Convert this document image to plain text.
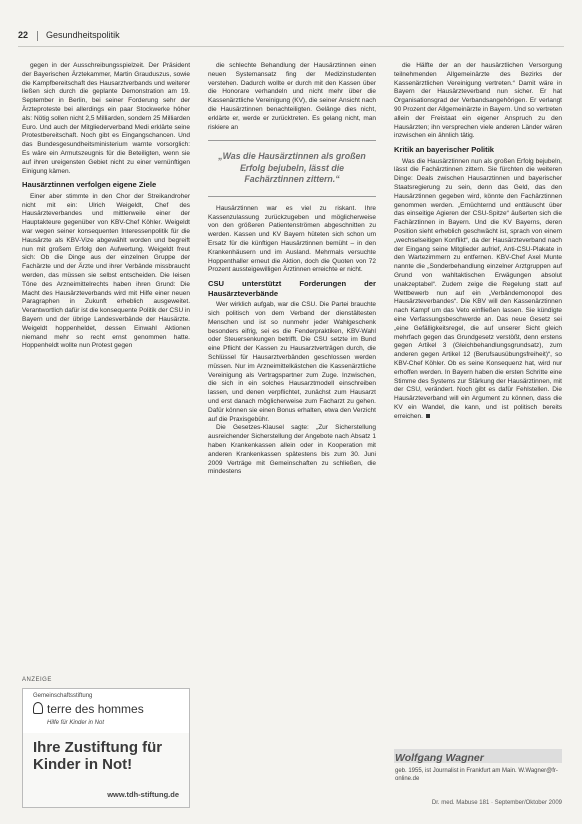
22 Gesundheitspolitik

gegen in der Ausschreibungsspielzeit. Der Präsident der Bayerischen Ärztekammer, Martin Grauduszus, sowie die Kampfbereitschaft des Hausarztverbands und weiterer ließen sich durch die geplante Demonstration am 19. September in Berlin, bei seiner Forderung sehr der Ärzteproteste bei allerdings ein paar Stockwerke höher als: Nötig sollen nicht 2,5 Milliarden, sondern 25 Milliarden Euro. Und auch der Mitgliederverband Medi erklärte seine Protestbereitschaft. Noch gibt es Eingangschancen. Und das Bundesgesundheitsministerium warnte vorsorglich: Es wäre ein Armutszeugnis für die Beteiligten, wenn sie auf ihren ureigensten Gebiet nicht zu einer vernünftigen Einigung kämen.

Hausärztinnen verfolgen eigene Ziele

Einer aber stimmte in den Chor der Streikandroher nicht mit ein: Ulrich Weigeldt, Chef des Hausärzteverbandes und mittlerweile einer der Hauptakteure gegenüber von KBV-Chef Köhler. Weigeldt war wegen seiner konsequenten Interessenpolitik für die Hausärzte als KBV-Vize abgewählt worden und begreift nun mit großem Erfolg den Aufwertung. Weigeldt freut sich: Ob die Dinge aus der einzelnen Gruppe der Fachärzte und der Ärzte und ihrer Verbände missbraucht werden, das müssen sie selbst entscheiden. Die leisen Töne des Arzneimittelrechts haben ihren Grund: Die Macht des Hausärzteverbands wird mit Hilfe einer neuen Paragraphen in Zukunft erheblich ausgeweitet. Verantwortlich dafür ist die konsequente Politik der CSU in Bayern und der übrige Landesverbände der Hausärzte. Weigeldt hoppenheldet, dessen Einwahl Aktionen niemand mehr so recht ernst genommen hatte. Hoppenheldt wollte nun Protest gegen

die schlechte Behandlung der Hausärztinnen einen neuen Systemansatz fing der Medizinstudenten verstehen. Dadurch wollte er durch mit den Kassen über die Honorare verhandeln und nicht mehr über die Kassenärztliche Vereinigung (KV), die seiner Ansicht nach die Hausärztinnen benachteiligten. Gelänge dies nicht, erklärte er, werde er zurücktreten. Es gelang nicht, man riskiere an

„Was die Hausärztinnen als großen Erfolg bejubeln, lässt die Fachärztinnen zittern.“

Hausärztinnen war es viel zu riskant. Ihre Kassenzulassung zurückzugeben und möglicherweise von den größeren Patientenströmen abgeschnitten zu werden. Kassen und KV Bayern hüteten sich schon um Ersatz für die künftigen Hausärztinnen bemüht – in den Krankenhäusern und im Ausland. Mehrmals versuchte Hoppenthaller erneut die Aktion, doch die Quoten von 72 Prozent aussteigewilligen Ärztinnen erreichte er nicht.

CSU unterstützt Forderungen der Hausärzteverbände

Wer wirklich aufgab, war die CSU. Die Partei brauchte sich politisch von dem Verband der dienstältesten Menschen und ist so nunmehr jeder Wahlgeschenk besonders eifrig, sei es die Fenderpraktiken, KBV-Wahl oder Steuersenkungen betrifft. Die CSU setzte im Bund eine Pflicht der Kassen zu Hausarztverträgen durch, die Schlüssel für Hausarztverbänden geschlossen werden müssen. Nur im Arzneimittelkästchen die Kassenärztliche Vereinigung als Vertragspartner zum Zuge. Inzwischen, die sich in ein solches Hausarztmodell einschreiben lassen, und denen verpflichtet, zunächst zum Hausarzt und erst danach möglicherweise zum Facharzt zu gehen. Dafür können sie einen Bonus erhalten, etwa den Verzicht auf die Praxisgebühr.

Die Gesetzes-Klausel sagte: „Zur Sicherstellung ausreichender Sicherstellung der Angebote nach Absatz 1 haben Krankenkassen allein oder in Kooperation mit anderen Krankenkassen spätestens bis zum 30. Juni 2009 Verträge mit Gemeinschaften zu schließen, die mindestens

die Hälfte der an der hausärztlichen Versorgung teilnehmenden Allgemeinärzte des Bezirks der Kassenärztlichen Vereinigung vertreten.“ Damit wäre in Bayern der Hausärzteverband nun sicher. Er hat Organisationsgrad der Verbandsangehörigen. Er verlangt 90 Prozent der Allgemeinärzte in Bayern. Und so vertreten allein der Freistaat ein eigener Anspruch zu den Hausärzten; ihn versprechen viele anderen Länder wären inzwischen ein ähnlich tätig.

Kritik an bayerischer Politik

Was die Hausärztinnen nun als großen Erfolg bejubeln, lässt die Fachärztinnen zittern. Sie fürchten die weiteren Dinge: Deals zwischen Hausarztinnen und bayerischer Staatsregierung zu sein, denn das Geld, das den Hausärztinnen gegeben wird, könnte den Fachärztinnen genommen werden. „Ernüchternd und enttäuscht über das einseitige Agieren der CSU-Spitze“ äußerten sich die Fachärztinnen in Bayern. Und die KV Bayerns, deren Position sieht erheblich geschwächt ist, sprach von einem „wechselseitigen Konflikt“, da der Hausärzteverband nach der Eingang seine Mitglieder aufrief, Anti-CSU-Plakate in den Wartezimmern zu entfernen. KBV-Chef Axel Munte nannte die „Sonderbehandlung einzelner Arztgruppen auf Grund von wahltaktischen Erwägungen absolut unakzeptabel“. Zudem zeige die Regelung statt auf Wettbewerb nun auf ein „Verbändemonopol des Hausärzteverbandes“. Die KBV will den Kassenärztinnen nach Kampf um das Veto einfließen lassen. Sie kündigte eine Verfassungsbeschwerde an. Das neue Gesetz sei „eine Gefälligkeitsregel, die auf unserer Sicht gleich mehrfach gegen das Grundgesetz verstößt, denn erstens gegen Artikel 3 (Gleichbehandlungsgrundsatz), zum anderen gegen Artikel 12 (Berufsausübungsfreiheit)“, so KBV-Chef Köhler. Ob es seine Konsequenz hat, wird nur erhoffen werden. In Bayern haben die ersten Schritte eine Stimme des Systems zur Stärkung der Hausärztinnen, mit der CSU, verändert. Noch gibt es dafür Fehlstellen. Die Hausärzteverband will ein Argument zu können, dass die KV ein Wandel, die kann, und ist politisch bereits erreichen.

ANZEIGE
Gemeinschaftsstiftung
terre des hommes
Hilfe für Kinder in Not
Ihre Zustiftung für Kinder in Not!
www.tdh-stiftung.de
Wolfgang Wagner
geb. 1955, ist Journalist in Frankfurt am Main. W.Wagner@fr-online.de
Dr. med. Mabuse 181 · September/Oktober 2009
